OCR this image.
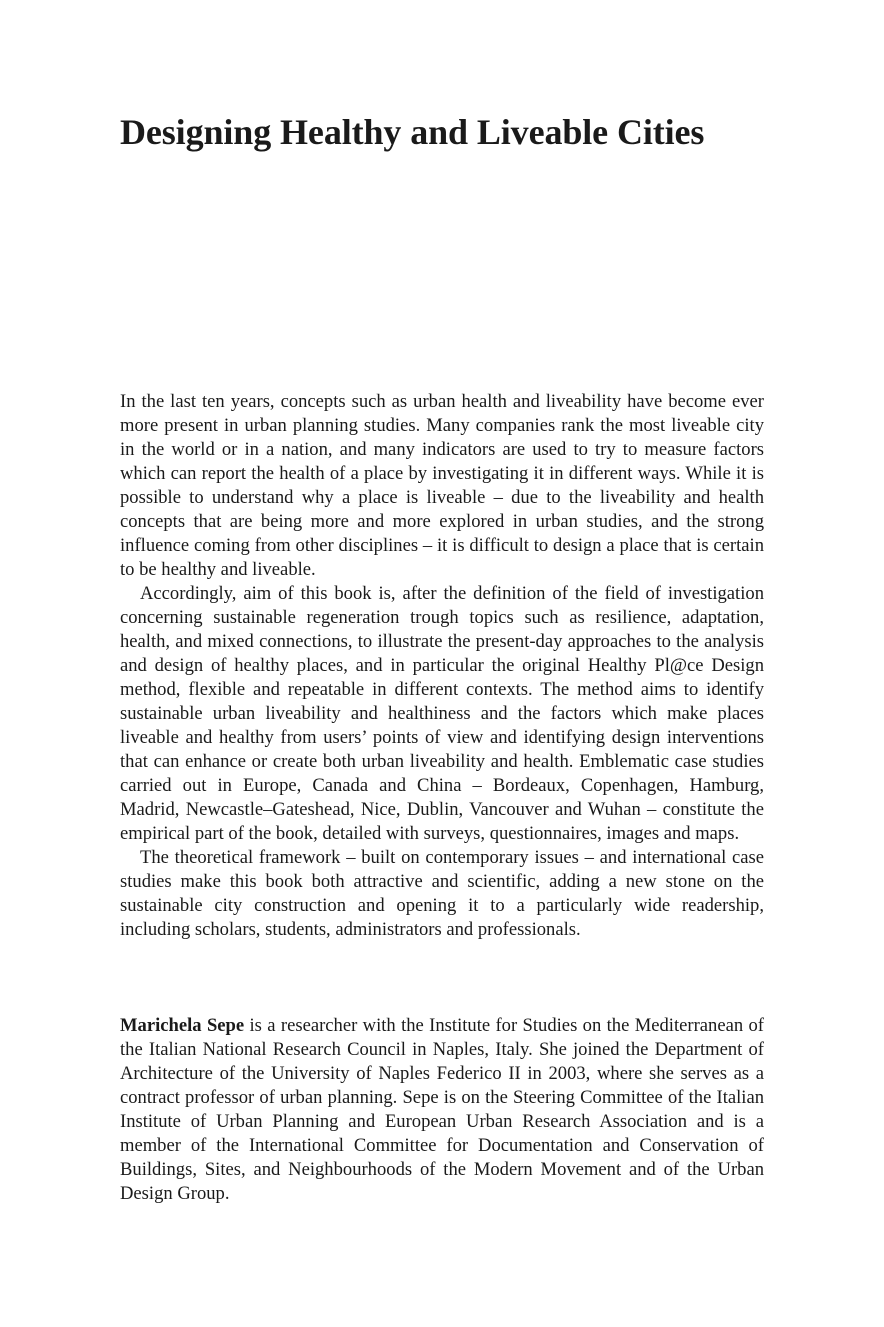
Designing Healthy and Liveable Cities

In the last ten years, concepts such as urban health and liveability have become ever more present in urban planning studies. Many companies rank the most liveable city in the world or in a nation, and many indicators are used to try to measure factors which can report the health of a place by investigating it in different ways. While it is possible to understand why a place is liveable – due to the liveability and health concepts that are being more and more explored in urban studies, and the strong influence coming from other disciplines – it is difficult to design a place that is certain to be healthy and liveable.

Accordingly, aim of this book is, after the definition of the field of investigation concerning sustainable regeneration trough topics such as resilience, adaptation, health, and mixed connections, to illustrate the present-day approaches to the analysis and design of healthy places, and in particular the original Healthy Pl@ce Design method, flexible and repeatable in different contexts. The method aims to identify sustainable urban liveability and healthiness and the factors which make places liveable and healthy from users’ points of view and identifying design interventions that can enhance or create both urban liveability and health. Emblematic case studies carried out in Europe, Canada and China – Bordeaux, Copenhagen, Hamburg, Madrid, Newcastle–Gateshead, Nice, Dublin, Vancouver and Wuhan – constitute the empirical part of the book, detailed with surveys, questionnaires, images and maps.

The theoretical framework – built on contemporary issues – and international case studies make this book both attractive and scientific, adding a new stone on the sustainable city construction and opening it to a particularly wide readership, including scholars, students, administrators and professionals.

Marichela Sepe is a researcher with the Institute for Studies on the Mediterranean of the Italian National Research Council in Naples, Italy. She joined the Department of Architecture of the University of Naples Federico II in 2003, where she serves as a contract professor of urban planning. Sepe is on the Steering Committee of the Italian Institute of Urban Planning and European Urban Research Association and is a member of the International Committee for Documentation and Conservation of Buildings, Sites, and Neighbourhoods of the Modern Movement and of the Urban Design Group.
